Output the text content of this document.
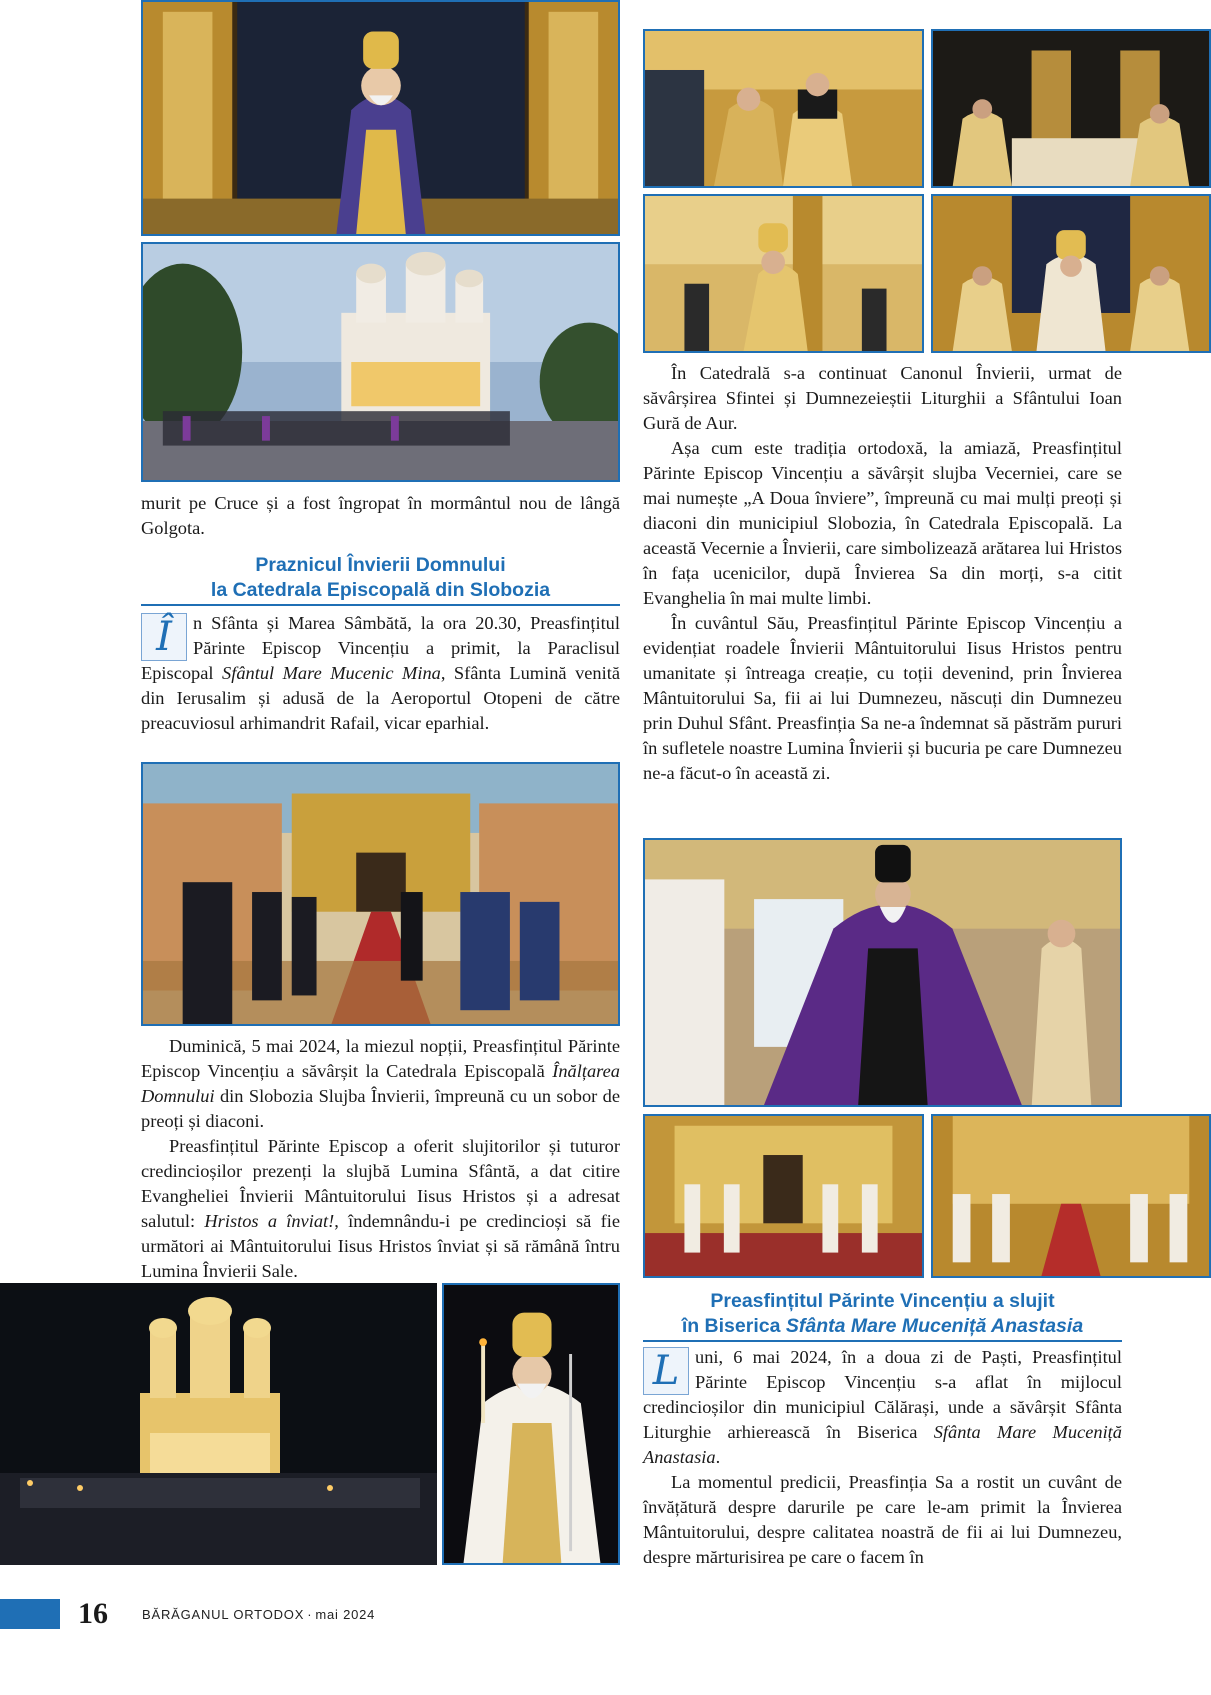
murit pe Cruce și a fost îngropat în mormântul nou de lângă Golgota.

Praznicul Învierii Domnului
la Catedrala Episcopală din Slobozia

Î	n Sfânta și Marea Sâmbătă, la ora 20.30, Preasfințitul Părinte Episcop Vincențiu a primit, la Paraclisul Episcopal Sfântul Mare Mucenic Mina, Sfânta Lumină venită din Ierusalim și adusă de la Aeroportul Otopeni de către preacuviosul arhimandrit Rafail, vicar eparhial.

Duminică, 5 mai 2024, la miezul nopții, Preasfințitul Părinte Episcop Vincențiu a săvârșit la Catedrala Episcopală Înălțarea Domnului din Slobozia Slujba Învierii, împreună cu un sobor de preoți și diaconi.

Preasfințitul Părinte Episcop a oferit slujitorilor și tuturor credincioșilor prezenți la slujbă Lumina Sfântă, a dat citire Evangheliei Învierii Mântuitorului Iisus Hristos și a adresat salutul: Hristos a înviat!, îndemnându-i pe credincioși să fie următori ai Mântuitorului Iisus Hristos înviat și să rămână întru Lumina Învierii Sale.

În Catedrală s-a continuat Canonul Învierii, urmat de săvârșirea Sfintei și Dumnezeieștii Liturghii a Sfântului Ioan Gură de Aur.

Așa cum este tradiția ortodoxă, la amiază, Preasfințitul Părinte Episcop Vincențiu a săvârșit slujba Vecerniei, care se mai numește „A Doua înviere”, împreună cu mai mulți preoți și diaconi din municipiul Slobozia, în Catedrala Episcopală. La această Vecernie a Învierii, care simbolizează arătarea lui Hristos în fața ucenicilor, după Învierea Sa din morți, s-a citit Evanghelia în mai multe limbi.

În cuvântul Său, Preasfințitul Părinte Episcop Vincențiu a evidențiat roadele Învierii Mântuitorului Iisus Hristos pentru umanitate și întreaga creație, cu toții devenind, prin Învierea Mântuitorului Sa, fii ai lui Dumnezeu, născuți din Dumnezeu prin Duhul Sfânt. Preasfinția Sa ne-a îndemnat să păstrăm pururi în sufletele noastre Lumina Învierii și bucuria pe care Dumnezeu ne-a făcut-o în această zi.

Preasfințitul Părinte Vincențiu a slujit
în Biserica Sfânta Mare Muceniță Anastasia

L uni, 6 mai 2024, în a doua zi de Paști, Preasfințitul Părinte Episcop Vincențiu s-a aflat în mijlocul credincioșilor din municipiul Călărași, unde a săvârșit Sfânta Liturghie arhierească în Biserica Sfânta Mare Muceniță Anastasia.

La momentul predicii, Preasfinția Sa a rostit un cuvânt de învățătură despre darurile pe care le-am primit la Învierea Mântuitorului, despre calitatea noastră de fii ai lui Dumnezeu, despre mărturisirea pe care o facem în

16	BĂRĂGANUL ORTODOX · mai 2024
